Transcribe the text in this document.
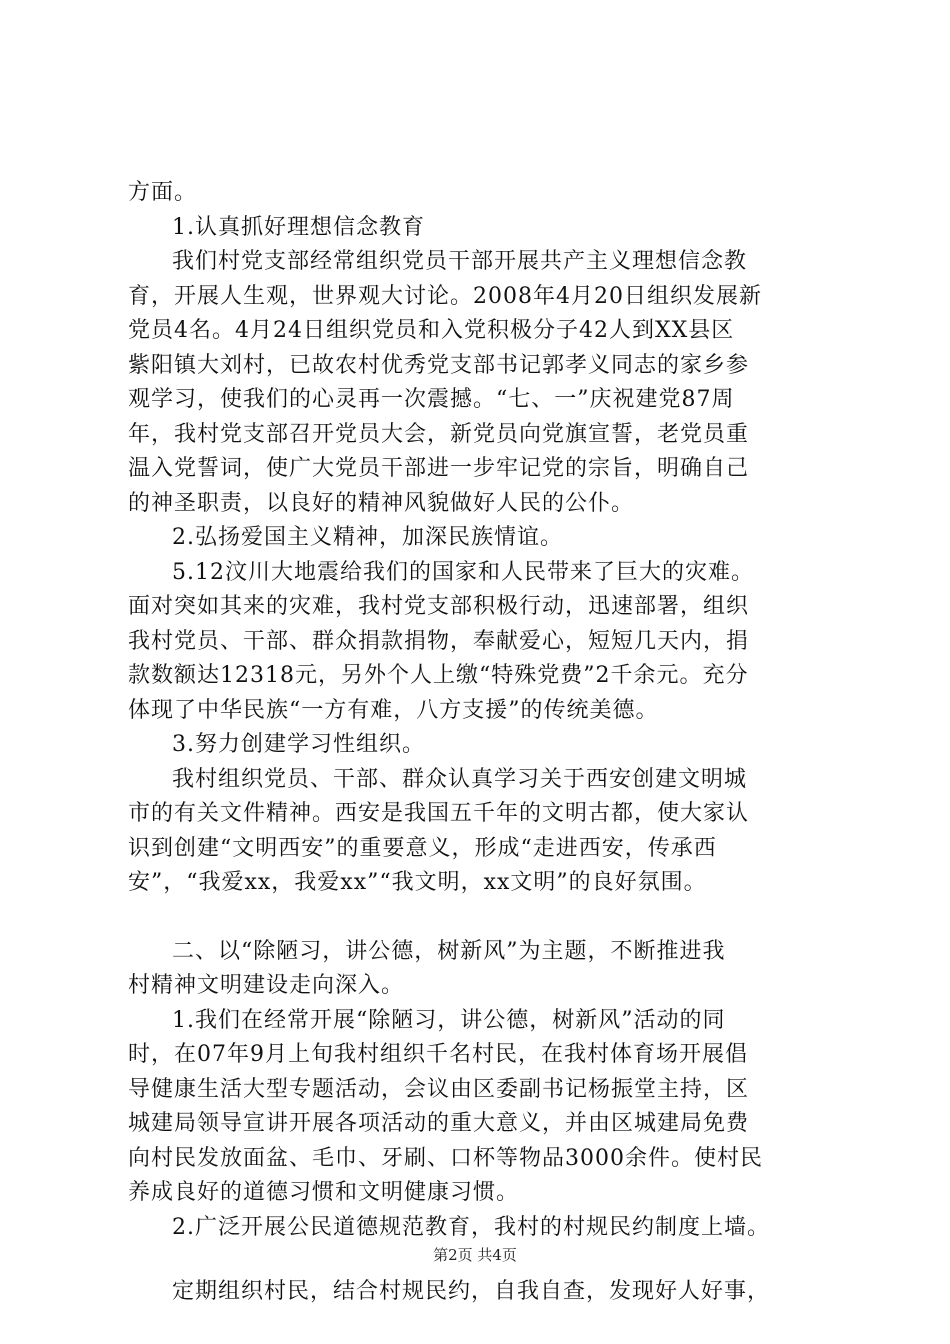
方面。
1.认真抓好理想信念教育
我们村党支部经常组织党员干部开展共产主义理想信念教
育，开展人生观，世界观大讨论。2008年4月20日组织发展新
党员4名。4月24日组织党员和入党积极分子42人到XX县区
紫阳镇大刘村，已故农村优秀党支部书记郭孝义同志的家乡参
观学习，使我们的心灵再一次震撼。“七、一”庆祝建党87周
年，我村党支部召开党员大会，新党员向党旗宣誓，老党员重
温入党誓词，使广大党员干部进一步牢记党的宗旨，明确自己
的神圣职责，以良好的精神风貌做好人民的公仆。
2.弘扬爱国主义精神，加深民族情谊。
5.12汶川大地震给我们的国家和人民带来了巨大的灾难。
面对突如其来的灾难，我村党支部积极行动，迅速部署，组织
我村党员、干部、群众捐款捐物，奉献爱心，短短几天内，捐
款数额达12318元，另外个人上缴“特殊党费”2千余元。充分
体现了中华民族“一方有难，八方支援”的传统美德。
3.努力创建学习性组织。
我村组织党员、干部、群众认真学习关于西安创建文明城
市的有关文件精神。西安是我国五千年的文明古都，使大家认
识到创建“文明西安”的重要意义，形成“走进西安，传承西
安”，“我爱xx，我爱xx”“我文明，xx文明”的良好氛围。
二、以“除陋习，讲公德，树新风”为主题，不断推进我
村精神文明建设走向深入。
1.我们在经常开展“除陋习，讲公德，树新风”活动的同
时，在07年9月上旬我村组织千名村民，在我村体育场开展倡
导健康生活大型专题活动，会议由区委副书记杨振堂主持，区
城建局领导宣讲开展各项活动的重大意义，并由区城建局免费
向村民发放面盆、毛巾、牙刷、口杯等物品3000余件。使村民
养成良好的道德习惯和文明健康习惯。
2.广泛开展公民道德规范教育，我村的村规民约制度上墙。
定期组织村民，结合村规民约，自我自查，发现好人好事，
第2页 共4页
